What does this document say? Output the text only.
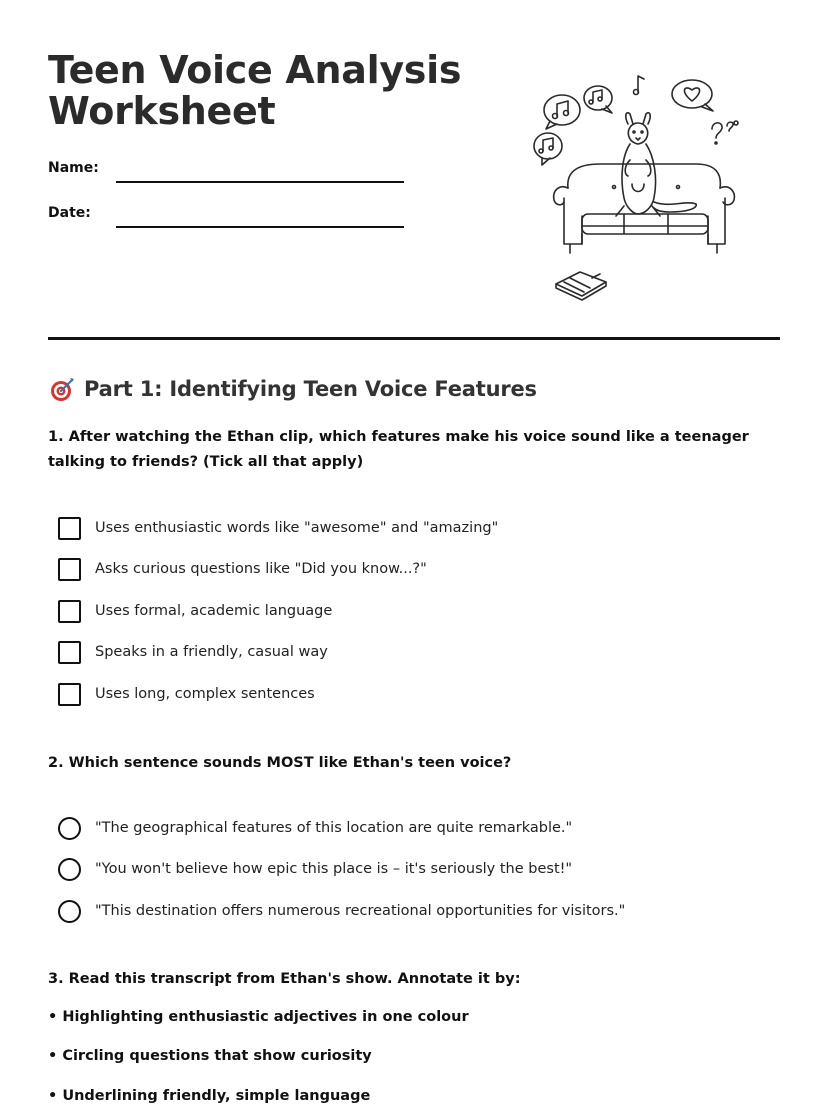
Teen Voice Analysis
Worksheet
Name:
Date:
Part 1: Identifying Teen Voice Features
1. After watching the Ethan clip, which features make his voice sound like a teenager talking to friends? (Tick all that apply)
Uses enthusiastic words like "awesome" and "amazing"
Asks curious questions like "Did you know...?"
Uses formal, academic language
Speaks in a friendly, casual way
Uses long, complex sentences
2. Which sentence sounds MOST like Ethan's teen voice?
"The geographical features of this location are quite remarkable."
"You won't believe how epic this place is – it's seriously the best!"
"This destination offers numerous recreational opportunities for visitors."
3. Read this transcript from Ethan's show. Annotate it by:
• Highlighting enthusiastic adjectives in one colour
• Circling questions that show curiosity
• Underlining friendly, simple language
